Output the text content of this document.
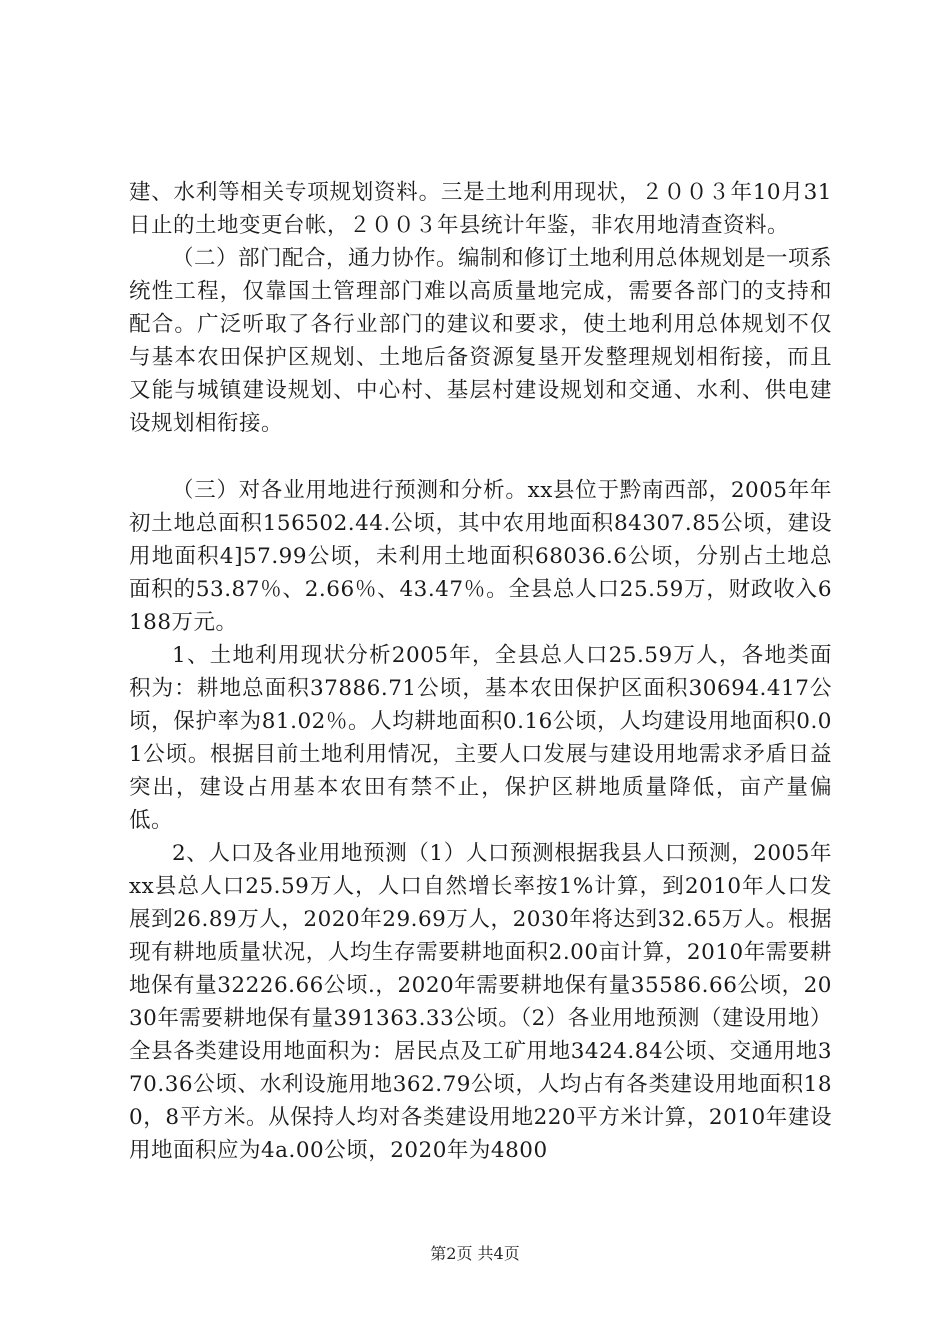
建、水利等相关专项规划资料。三是土地利用现状，２００３年10月31日止的土地变更台帐，２００３年县统计年鉴，非农用地清查资料。

（二）部门配合，通力协作。编制和修订土地利用总体规划是一项系统性工程，仅靠国土管理部门难以高质量地完成，需要各部门的支持和配合。广泛听取了各行业部门的建议和要求，使土地利用总体规划不仅与基本农田保护区规划、土地后备资源复垦开发整理规划相衔接，而且又能与城镇建设规划、中心村、基层村建设规划和交通、水利、供电建设规划相衔接。

（三）对各业用地进行预测和分析。xx县位于黔南西部，2005年年初土地总面积156502.44.公顷，其中农用地面积84307.85公顷，建设用地面积4]57.99公顷，未利用土地面积68036.6公顷，分别占土地总面积的53.87％、2.66％、43.47％。全县总人口25.59万，财政收入6188万元。

1、土地利用现状分析2005年，全县总人口25.59万人，各地类面积为：耕地总面积37886.71公顷，基本农田保护区面积30694.417公顷，保护率为81.02％。人均耕地面积0.16公顷，人均建设用地面积0.01公顷。根据目前土地利用情况，主要人口发展与建设用地需求矛盾日益突出，建设占用基本农田有禁不止，保护区耕地质量降低，亩产量偏低。

2、人口及各业用地预测（1）人口预测根据我县人口预测，2005年xx县总人口25.59万人，人口自然增长率按1%计算，到2010年人口发展到26.89万人，2020年29.69万人，2030年将达到32.65万人。根据现有耕地质量状况，人均生存需要耕地面积2.00亩计算，2010年需要耕地保有量32226.66公顷.，2020年需要耕地保有量35586.66公顷，2030年需要耕地保有量391363.33公顷。（2）各业用地预测（建设用地）全县各类建设用地面积为：居民点及工矿用地3424.84公顷、交通用地370.36公顷、水利设施用地362.79公顷，人均占有各类建设用地面积180，8平方米。从保持人均对各类建设用地220平方米计算，2010年建设用地面积应为4a.00公顷，2020年为4800

第2页 共4页
